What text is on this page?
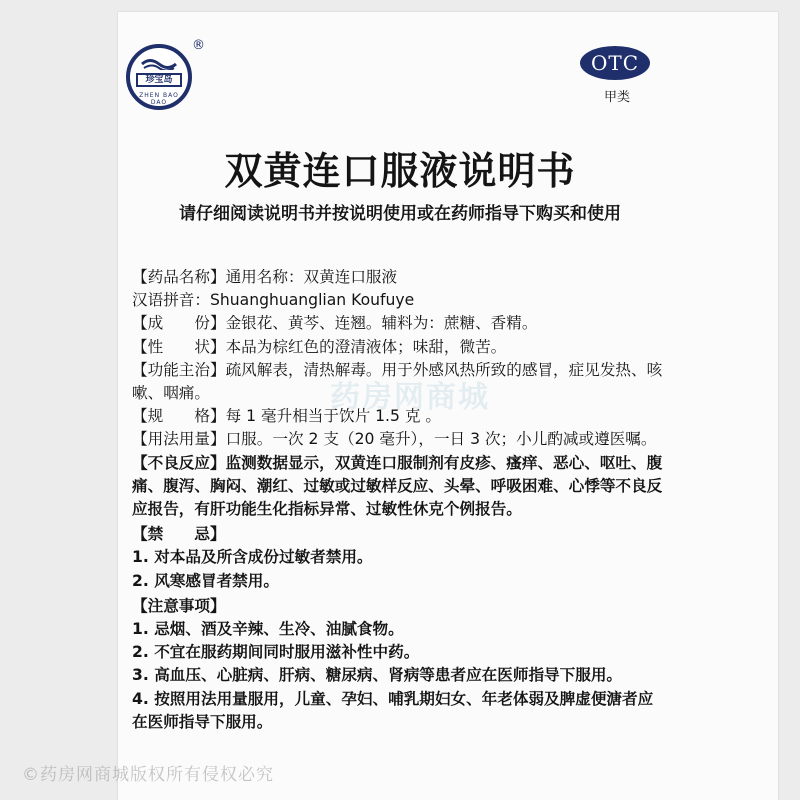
珍宝岛
ZHEN BAO DAO
®
OTC
甲类
双黄连口服液说明书
请仔细阅读说明书并按说明使用或在药师指导下购买和使用
药房网商城

【药品名称】通用名称：双黄连口服液

汉语拼音：Shuanghuanglian Koufuye

【成　　份】金银花、黄芩、连翘。辅料为：蔗糖、香精。

【性　　状】本品为棕红色的澄清液体；味甜，微苦。

【功能主治】疏风解表，清热解毒。用于外感风热所致的感冒，症见发热、咳嗽、咽痛。

【规　　格】每 1 毫升相当于饮片 1.5 克 。

【用法用量】口服。一次 2 支（20 毫升），一日 3 次；小儿酌减或遵医嘱。

【不良反应】监测数据显示，双黄连口服制剂有皮疹、瘙痒、恶心、呕吐、腹痛、腹泻、胸闷、潮红、过敏或过敏样反应、头晕、呼吸困难、心悸等不良反应报告，有肝功能生化指标异常、过敏性休克个例报告。

【禁　　忌】

1. 对本品及所含成份过敏者禁用。

2. 风寒感冒者禁用。

【注意事项】

1. 忌烟、酒及辛辣、生冷、油腻食物。

2. 不宜在服药期间同时服用滋补性中药。

3. 高血压、心脏病、肝病、糖尿病、肾病等患者应在医师指导下服用。

4. 按照用法用量服用，儿童、孕妇、哺乳期妇女、年老体弱及脾虚便溏者应在医师指导下服用。

©药房网商城版权所有侵权必究
